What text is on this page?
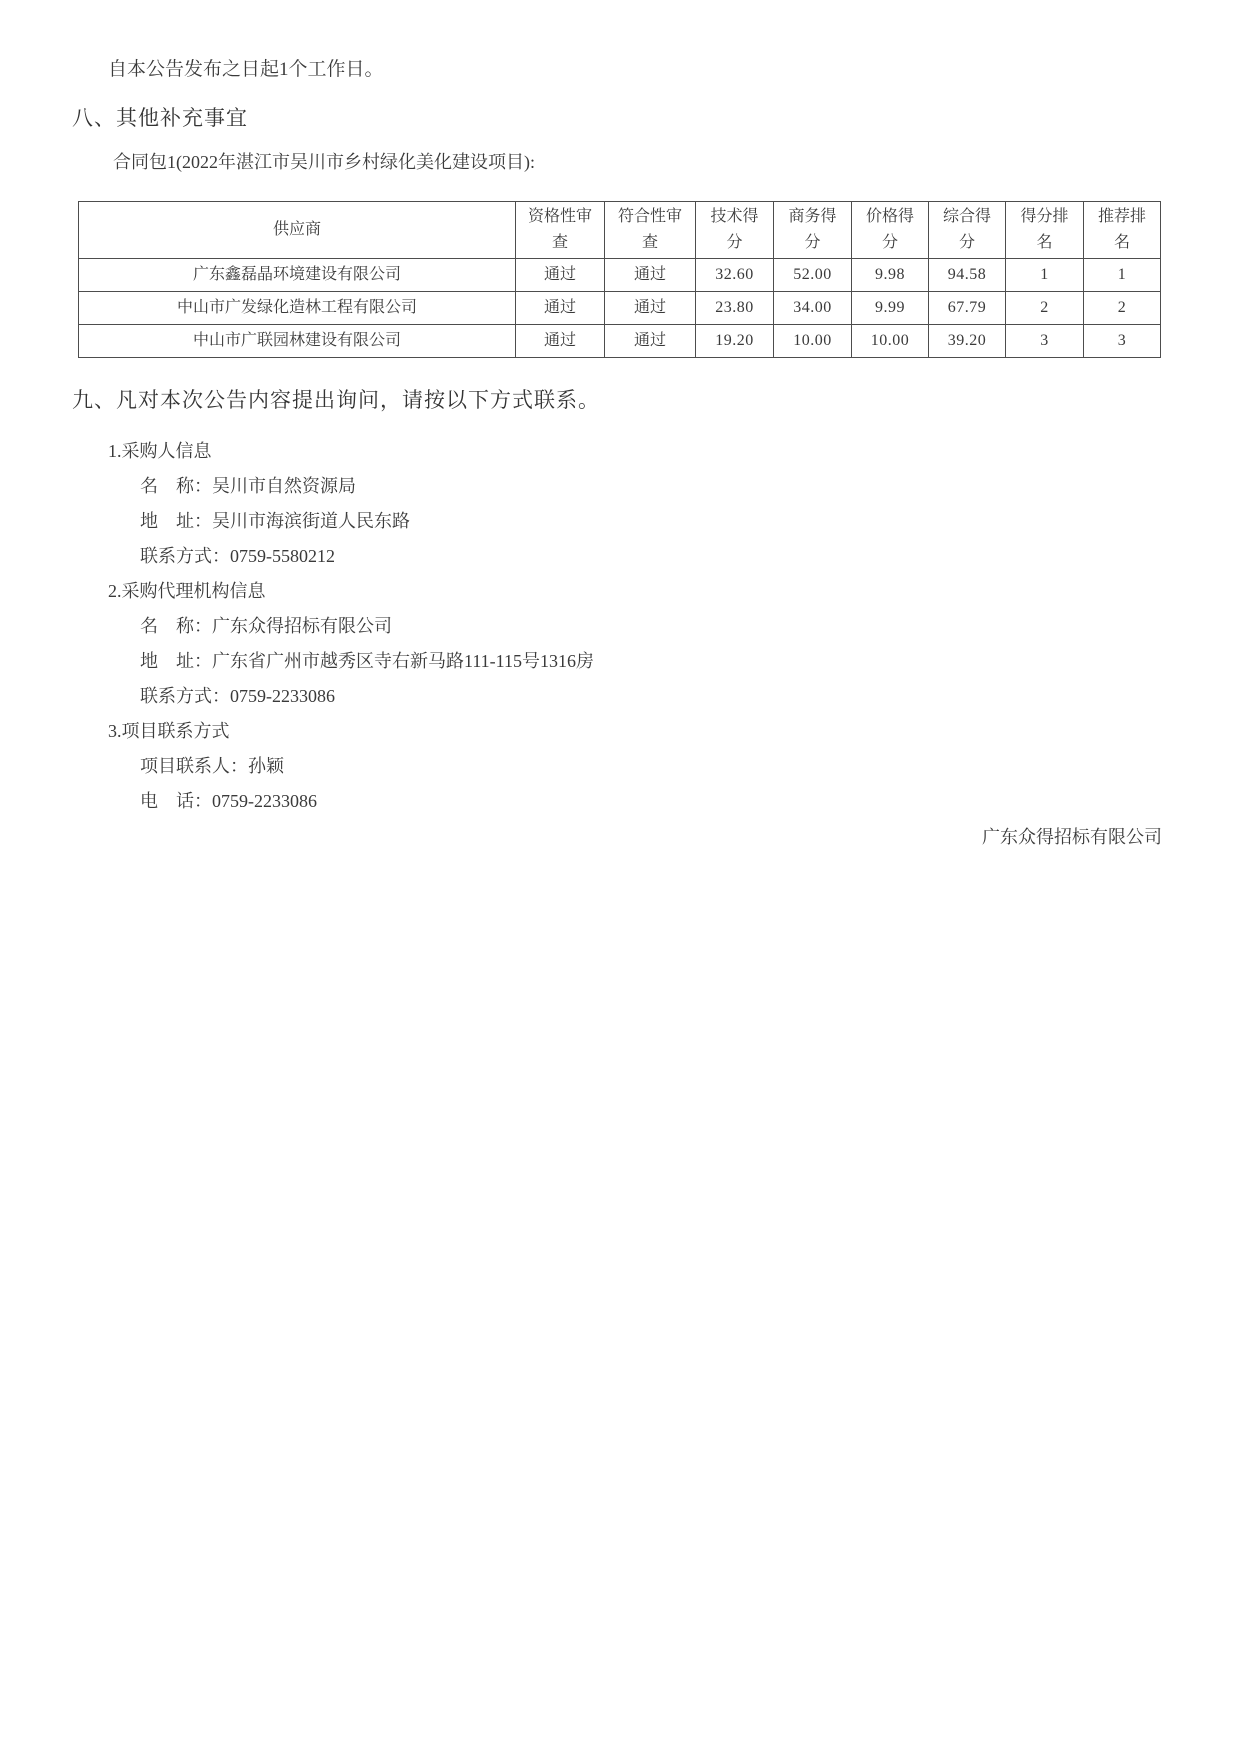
自本公告发布之日起1个工作日。

八、其他补充事宜

合同包1(2022年湛江市吴川市乡村绿化美化建设项目):

供应商	资格性审查	符合性审查	技术得分	商务得分	价格得分	综合得分	得分排名	推荐排名
广东鑫磊晶环境建设有限公司	通过	通过	32.60	52.00	9.98	94.58	1	1
中山市广发绿化造林工程有限公司	通过	通过	23.80	34.00	9.99	67.79	2	2
中山市广联园林建设有限公司	通过	通过	19.20	10.00	10.00	39.20	3	3
九、凡对本次公告内容提出询问，请按以下方式联系。

1.采购人信息

名　称：吴川市自然资源局

地　址：吴川市海滨街道人民东路

联系方式：0759-5580212

2.采购代理机构信息

名　称：广东众得招标有限公司

地　址：广东省广州市越秀区寺右新马路111-115号1316房

联系方式：0759-2233086

3.项目联系方式

项目联系人：孙颖

电　话：0759-2233086

广东众得招标有限公司
